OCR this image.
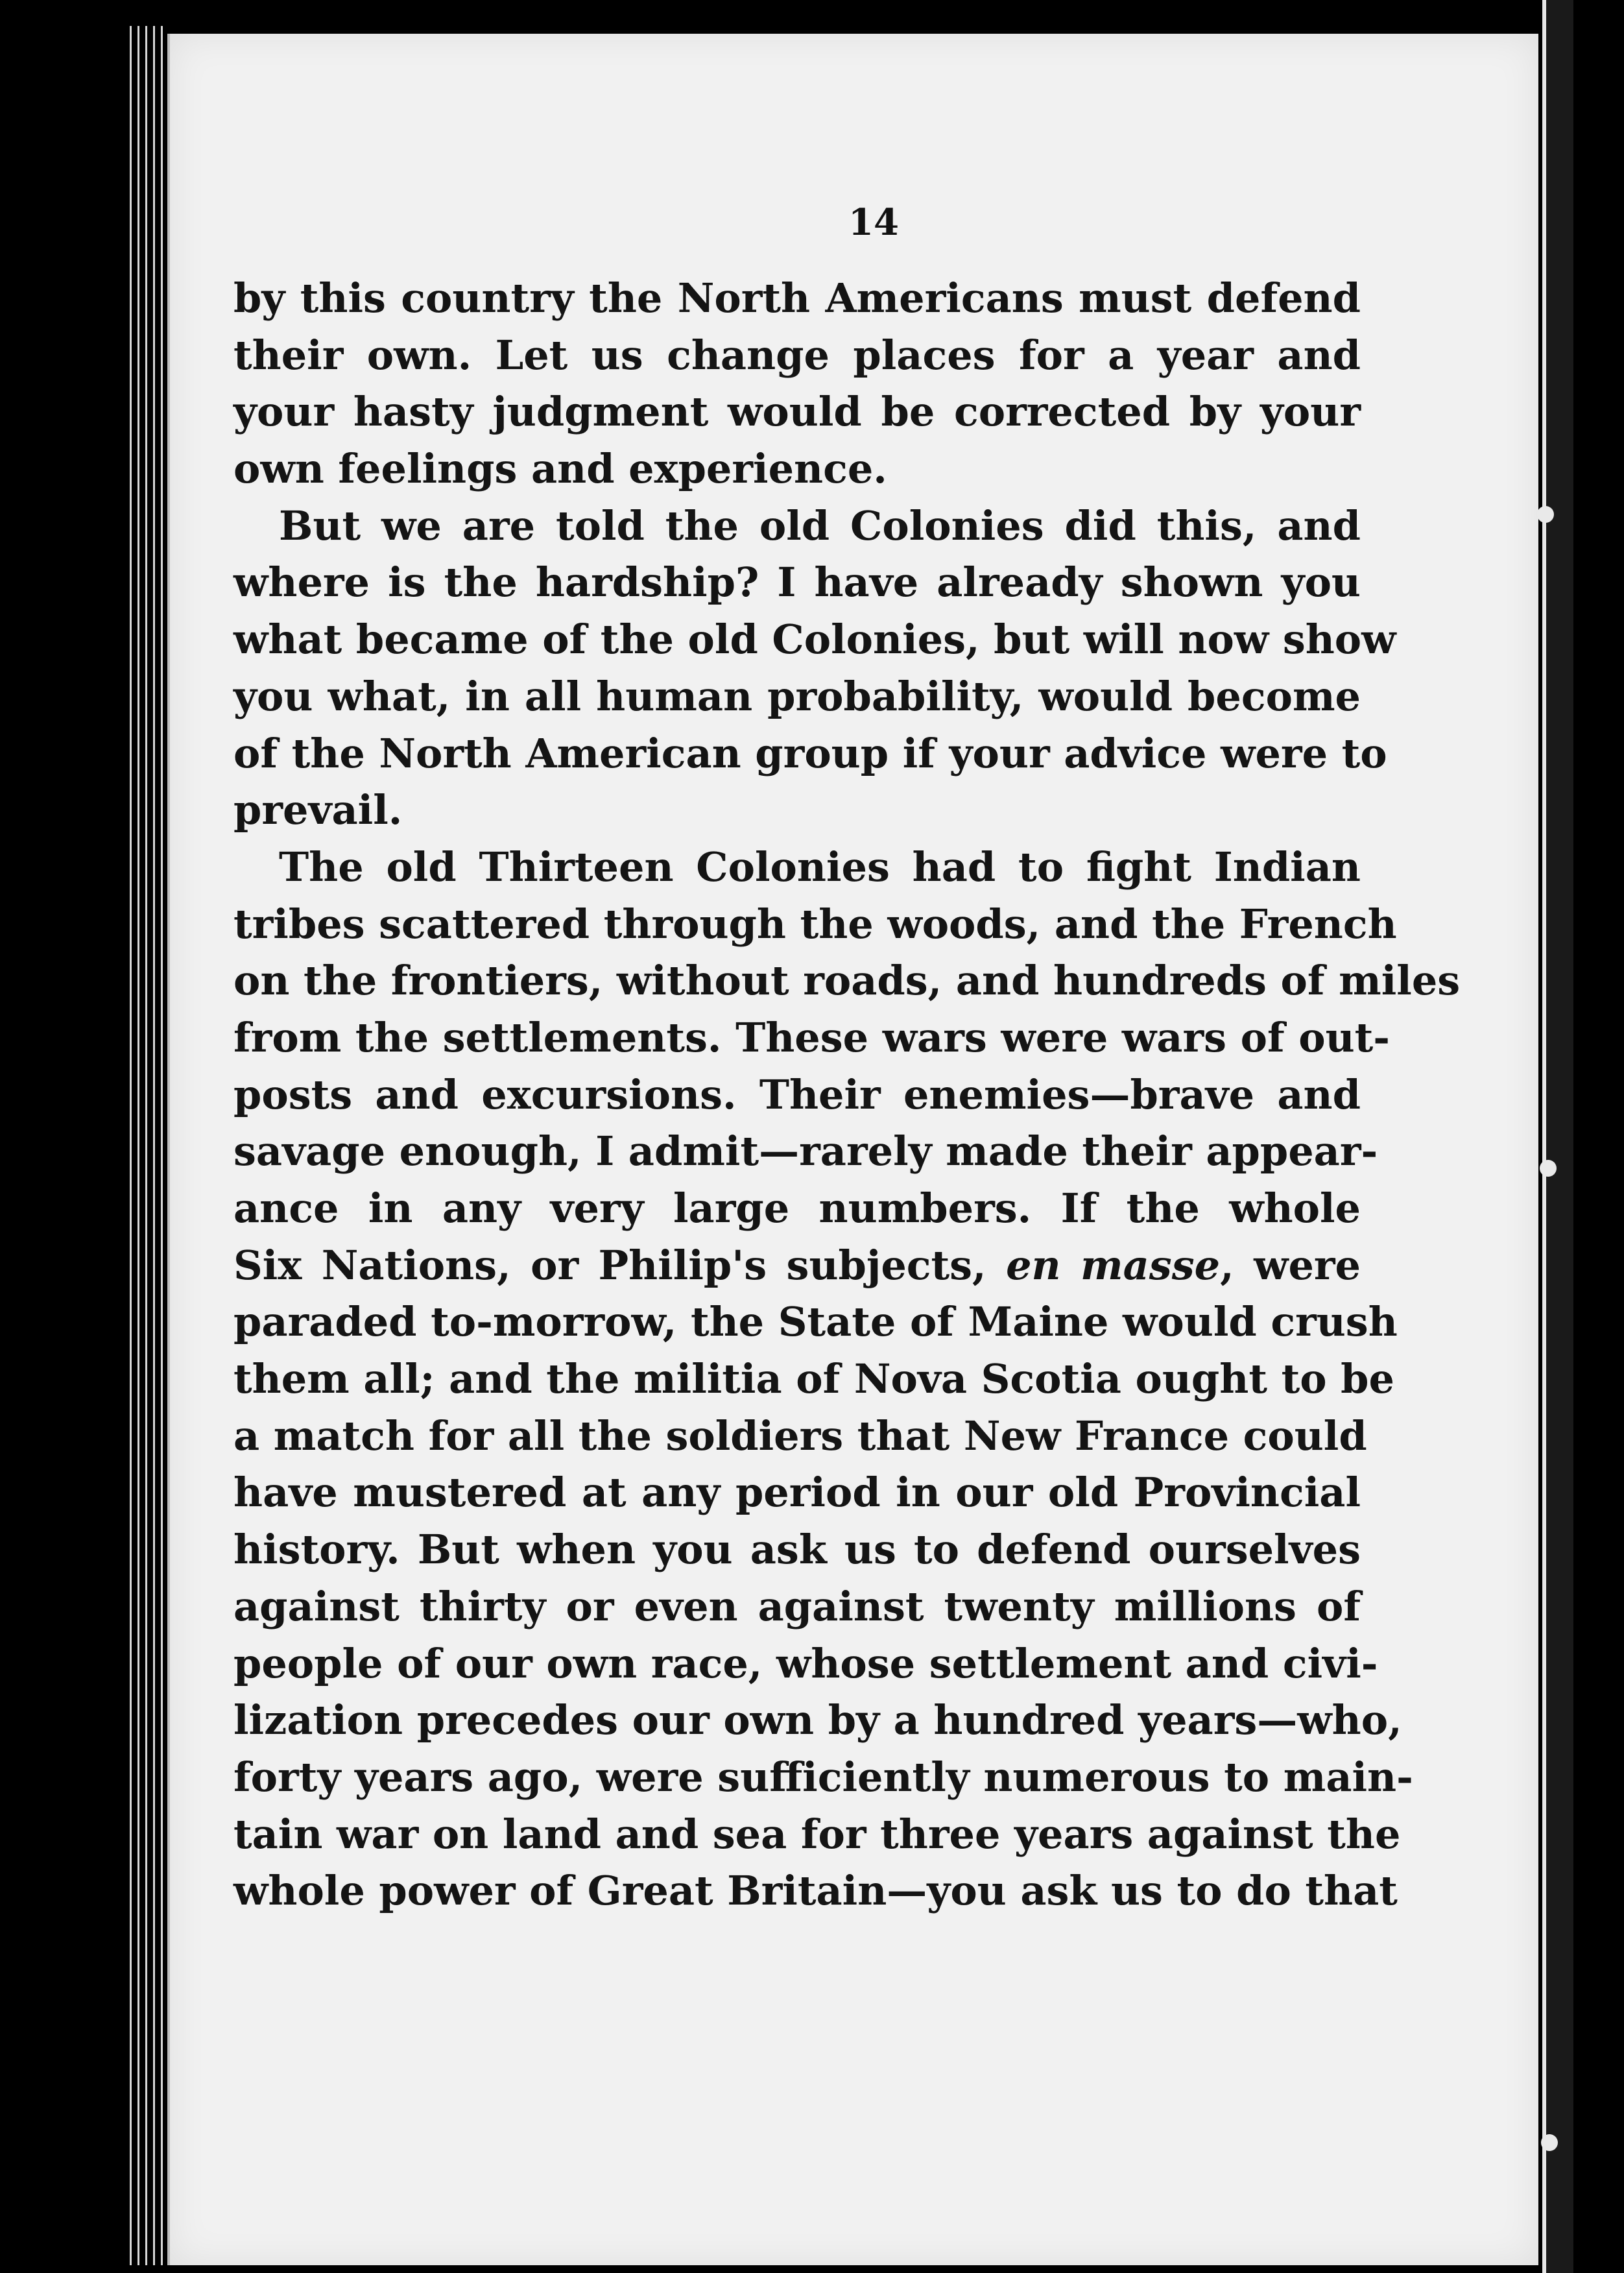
14
by this country the North Americans must defend
their own. Let us change places for a year and
your hasty judgment would be corrected by your
own feelings and experience.
But we are told the old Colonies did this, and
where is the hardship? I have already shown you
what became of the old Colonies, but will now show
you what, in all human probability, would become
of the North American group if your advice were to
prevail.
The old Thirteen Colonies had to fight Indian
tribes scattered through the woods, and the French
on the frontiers, without roads, and hundreds of miles
from the settlements. These wars were wars of out-
posts and excursions. Their enemies—brave and
savage enough, I admit—rarely made their appear-
ance in any very large numbers. If the whole
Six Nations, or Philip's subjects, en masse, were
paraded to-morrow, the State of Maine would crush
them all; and the militia of Nova Scotia ought to be
a match for all the soldiers that New France could
have mustered at any period in our old Provincial
history. But when you ask us to defend ourselves
against thirty or even against twenty millions of
people of our own race, whose settlement and civi-
lization precedes our own by a hundred years—who,
forty years ago, were sufficiently numerous to main-
tain war on land and sea for three years against the
whole power of Great Britain—you ask us to do that
